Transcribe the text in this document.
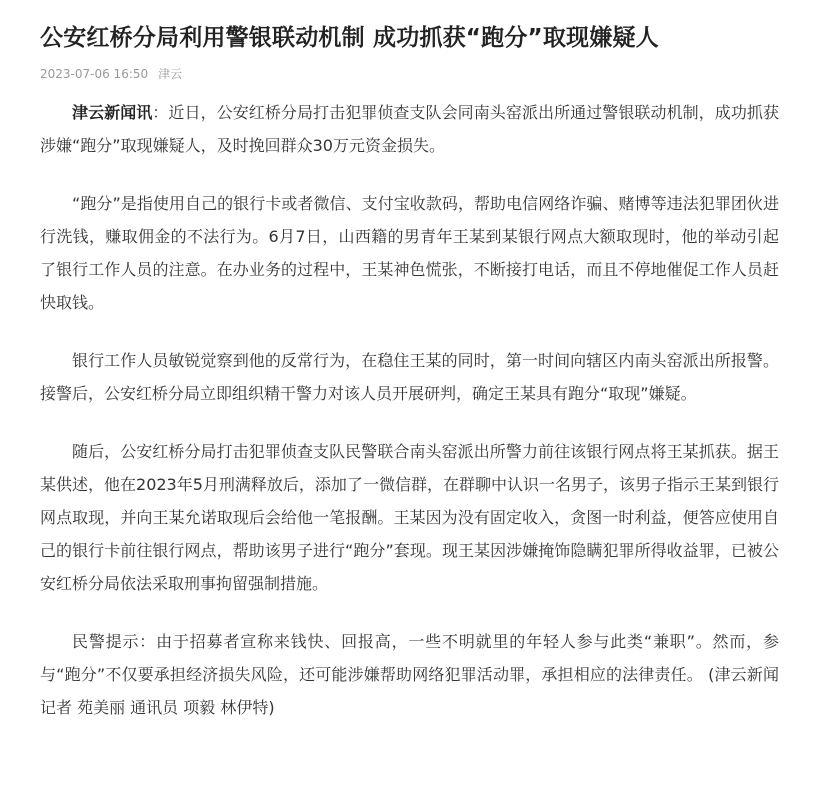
公安红桥分局利用警银联动机制 成功抓获“跑分”取现嫌疑人
2023-07-06 16:50 津云

津云新闻讯：近日，公安红桥分局打击犯罪侦查支队会同南头窑派出所通过警银联动机制，成功抓获涉嫌“跑分”取现嫌疑人，及时挽回群众30万元资金损失。

“跑分”是指使用自己的银行卡或者微信、支付宝收款码，帮助电信网络诈骗、赌博等违法犯罪团伙进行洗钱，赚取佣金的不法行为。6月7日，山西籍的男青年王某到某银行网点大额取现时，他的举动引起了银行工作人员的注意。在办业务的过程中，王某神色慌张，不断接打电话，而且不停地催促工作人员赶快取钱。

银行工作人员敏锐觉察到他的反常行为，在稳住王某的同时，第一时间向辖区内南头窑派出所报警。接警后，公安红桥分局立即组织精干警力对该人员开展研判，确定王某具有跑分“取现”嫌疑。

随后，公安红桥分局打击犯罪侦查支队民警联合南头窑派出所警力前往该银行网点将王某抓获。据王某供述，他在2023年5月刑满释放后，添加了一微信群，在群聊中认识一名男子，该男子指示王某到银行网点取现，并向王某允诺取现后会给他一笔报酬。王某因为没有固定收入，贪图一时利益，便答应使用自己的银行卡前往银行网点，帮助该男子进行“跑分”套现。现王某因涉嫌掩饰隐瞒犯罪所得收益罪，已被公安红桥分局依法采取刑事拘留强制措施。

民警提示：由于招募者宣称来钱快、回报高，一些不明就里的年轻人参与此类“兼职”。然而，参与“跑分”不仅要承担经济损失风险，还可能涉嫌帮助网络犯罪活动罪，承担相应的法律责任。 (津云新闻记者 苑美丽 通讯员 项毅 林伊特)
